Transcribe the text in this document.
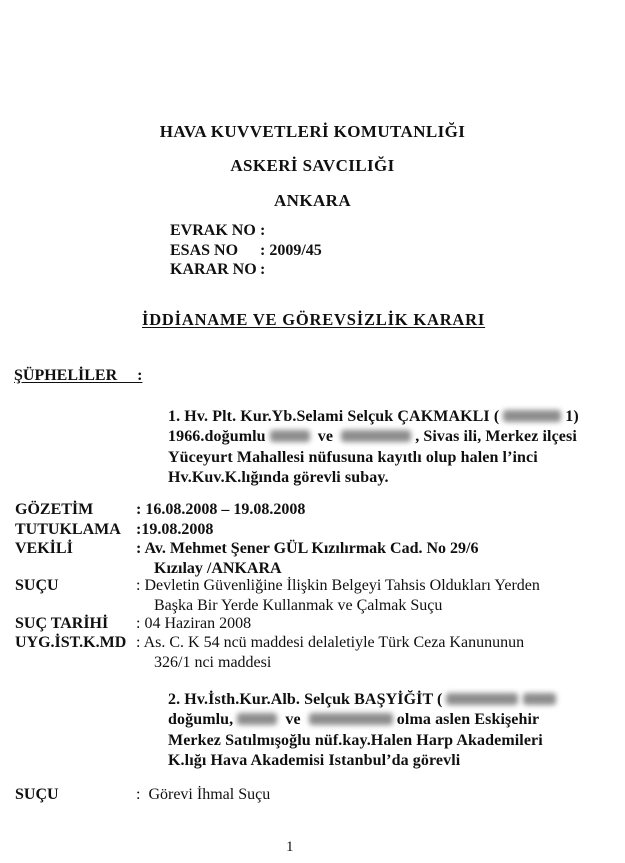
HAVA KUVVETLERİ KOMUTANLIĞI
ASKERİ SAVCILIĞI
ANKARA
EVRAK NO :
ESAS NO : 2009/45
KARAR NO :
İDDİANAME VE GÖREVSİZLİK KARARI
ŞÜPHELİLER     :
1. Hv. Plt. Kur.Yb.Selami Selçuk ÇAKMAKLI (	1)
1966.doğumlu	ve	, Sivas ili, Merkez ilçesi
Yüceyurt Mahallesi nüfusuna kayıtlı olup halen l’inci
Hv.Kuv.K.lığında görevli subay.
GÖZETİM	: 16.08.2008 – 19.08.2008
TUTUKLAMA :19.08.2008
VEKİLİ	: Av. Mehmet Şener GÜL Kızılırmak Cad. No 29/6
Kızılay /ANKARA
SUÇU	: Devletin Güvenliğine İlişkin Belgeyi Tahsis Oldukları Yerden
Başka Bir Yerde Kullanmak ve Çalmak Suçu
SUÇ TARİHİ : 04 Haziran 2008
UYG.İST.K.MD : As. C. K 54 ncü maddesi delaletiyle Türk Ceza Kanununun
326/1 nci maddesi
2. Hv.İsth.Kur.Alb. Selçuk BAŞYİĞİT (
doğumlu,	ve	olma aslen Eskişehir
Merkez Satılmışoğlu nüf.kay.Halen Harp Akademileri
K.lığı Hava Akademisi Istanbul’da görevli
SUÇU	:  Görevi İhmal Suçu
1
